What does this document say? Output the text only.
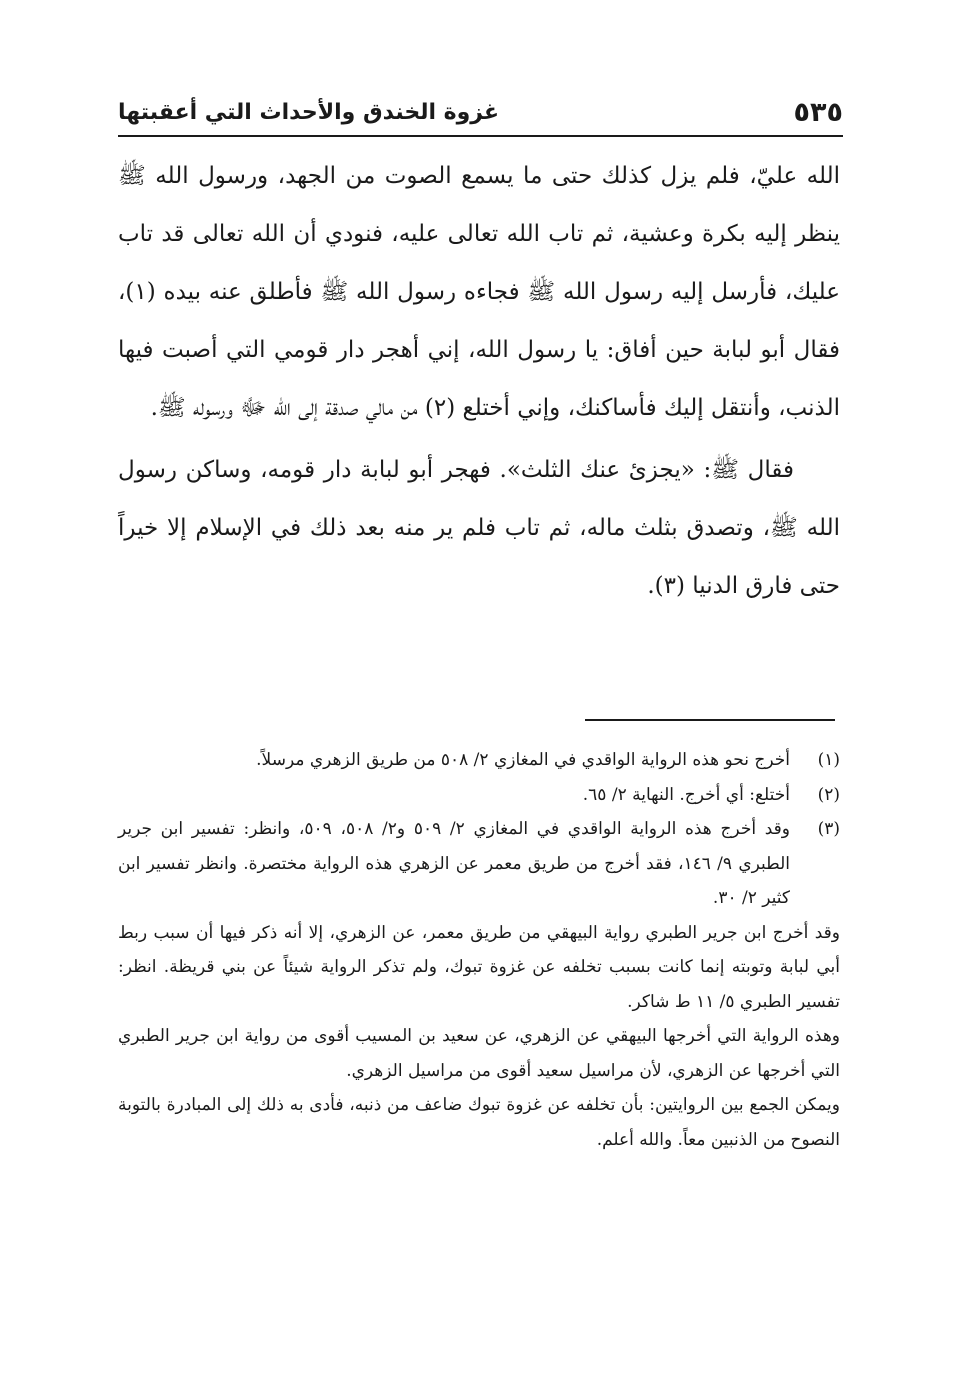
٥٣٥
غزوة الخندق والأحداث التي أعقبتها

الله عليّ، فلم يزل كذلك حتى ما يسمع الصوت من الجهد، ورسول الله ﷺ ينظر إليه بكرة وعشية، ثم تاب الله تعالى عليه، فنودي أن الله تعالى قد تاب عليك، فأرسل إليه رسول الله ﷺ فجاءه رسول الله ﷺ فأطلق عنه بيده (١)، فقال أبو لبابة حين أفاق: يا رسول الله، إني أهجر دار قومي التي أصبت فيها الذنب، وأنتقل إليك فأساكنك، وإني أختلع (٢) من مالي صدقة إلى الله ﷻ ورسوله ﷺ.

فقال ﷺ: «يجزئ عنك الثلث». فهجر أبو لبابة دار قومه، وساكن رسول الله ﷺ، وتصدق بثلث ماله، ثم تاب فلم ير منه بعد ذلك في الإسلام إلا خيراً حتى فارق الدنيا (٣).

(١)
أخرج نحو هذه الرواية الواقدي في المغازي ٢/ ٥٠٨ من طريق الزهري مرسلاً.
(٢)
أختلع: أي أخرج. النهاية ٢/ ٦٥.
(٣)
وقد أخرج هذه الرواية الواقدي في المغازي ٢/ ٥٠٩ و٢/ ٥٠٨، ٥٠٩، وانظر: تفسير ابن جرير الطبري ٩/ ١٤٦، فقد أخرج من طريق معمر عن الزهري هذه الرواية مختصرة. وانظر تفسير ابن كثير ٢/ ٣٠.
وقد أخرج ابن جرير الطبري رواية البيهقي من طريق معمر، عن الزهري، إلا أنه ذكر فيها أن سبب ربط أبي لبابة وتوبته إنما كانت بسبب تخلفه عن غزوة تبوك، ولم تذكر الرواية شيئاً عن بني قريظة. انظر: تفسير الطبري ٥/ ١١ ط شاكر.
وهذه الرواية التي أخرجها البيهقي عن الزهري، عن سعيد بن المسيب أقوى من رواية ابن جرير الطبري التي أخرجها عن الزهري، لأن مراسيل سعيد أقوى من مراسيل الزهري.
ويمكن الجمع بين الروايتين: بأن تخلفه عن غزوة تبوك ضاعف من ذنبه، فأدى به ذلك إلى المبادرة بالتوبة النصوح من الذنبين معاً. والله أعلم.
